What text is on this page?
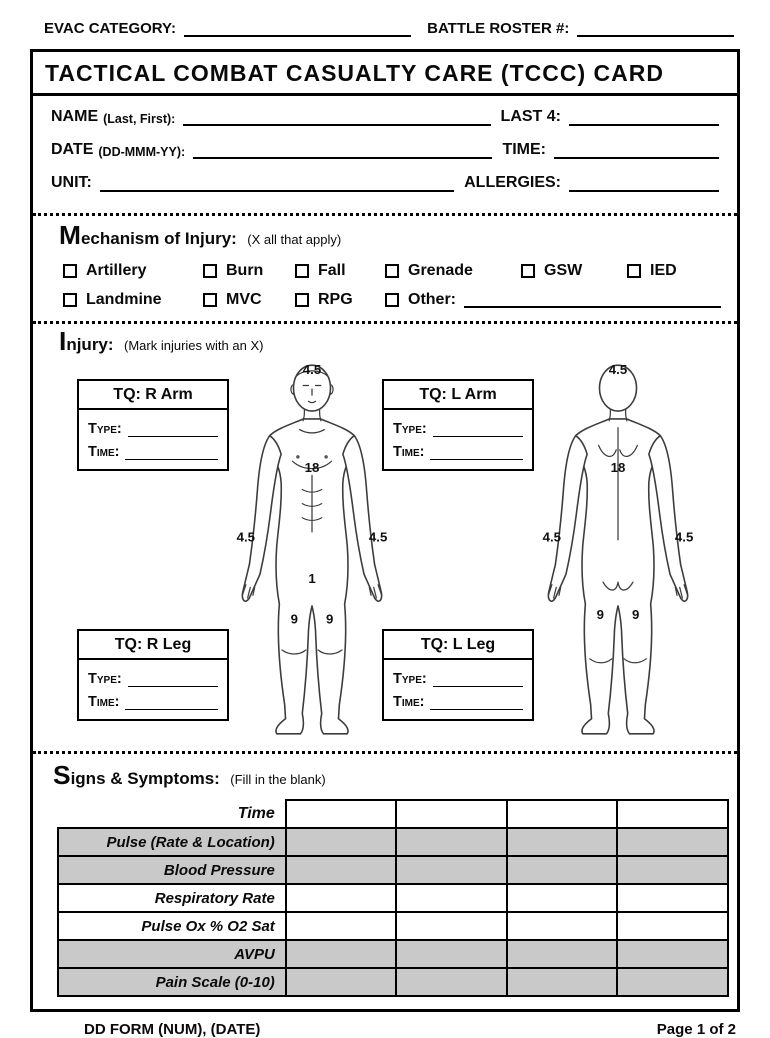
EVAC CATEGORY:	BATTLE ROSTER #:
TACTICAL COMBAT CASUALTY CARE (TCCC) CARD
NAME (Last, First):	LAST 4:
DATE (DD-MMM-YY):	TIME:
UNIT:	ALLERGIES:
Mechanism of Injury: (X all that apply)
Artillery	Burn	Fall	Grenade	GSW	IED
Landmine	MVC	RPG	Other:
Injury: (Mark injuries with an X)
4.5
18
4.5	4.5
1
9 9
4.5
18
4.5	4.5
9 9
TQ: R Arm
Type:
Time:
TQ: L Arm
Type:
Time:
TQ: R Leg
Type:
Time:
TQ: L Leg
Type:
Time:
Signs & Symptoms: (Fill in the blank)
Time				
Pulse (Rate & Location)				
Blood Pressure				
Respiratory Rate				
Pulse Ox % O2 Sat				
AVPU				
Pain Scale (0-10)				
DD FORM (NUM), (DATE)	Page 1 of 2
